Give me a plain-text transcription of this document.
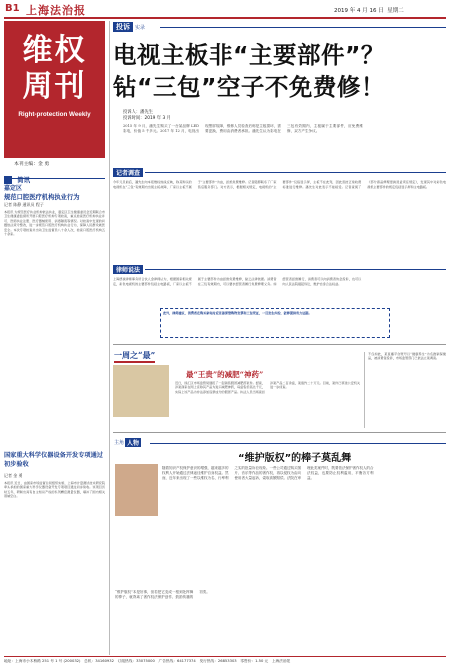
B1 上海法治报	2019 年 4 月 16 日 星期二
维权
周刊
Right-protection Weekly
本刊主编：金 勇
简讯
嘉定区
规范口腔医疗机构执业行为
记者 陈静 通讯员 程子
本报讯 为规范医疗执业机构依法执业，嘉定区卫生健康委员会近期联合市卫生健康委监督所开展口腔医疗机构专项检查，重点检查医疗机构执业许可、医师执业注册、医疗器械使用、消毒隔离等情况。对检查中发现的问题依法责令整改，进一步规范口腔医疗机构执业行为，保障人民群众就医安全。本次专项检查共出动卫生监督员八十余人次，检查口腔医疗机构五十余家。
国家重大科学仪器设备开发专项通过初步验收
记者 金 勇
本报讯 近日，由国家市场监督总局组织实施、上海市计量测试技术研究院牵头承担的国家重大科学仪器设备开发专项项目通过初步验收。该项目历时五年，研制出具有自主知识产权的系列精密测量仪器，填补了国内相关领域空白。
投诉	实录
电视主板非“主要部件”？
钻“三包”空子不免费修！
投诉人：潘先生
投诉时间：2019 年 3 月
2015 年 9 月，潘先生购买了一台某品牌 LED 彩电，价值 5 千多元。2017 年 12 月，电视出现黑屏故障，维修人员检查后称是主板损坏，需要更换，费用由消费者承担。潘先生认为彩电在三包有效期内，主板属于主要部件，应免费维修，双方产生争议。
记者调查
今年元旦前后，潘先生向本报维权热线反映，称其购买的电视机在“三包”有效期内出现主板故障，厂家以主板不属于“主要部件”为由，拒绝免费维修。记者随即联系了厂家售后服务部门。对方表示，根据相关规定，电视机的“主要部件”仅指显示屏，主板不在此列，因此需按正常收费标准进行维修。潘先生对此表示不能接受。记者查阅了《部分商品修理更换退货责任规定》，发现其中对彩色电视机主要部件的规定包括显示屏和主电路板。
律师说法
上海德禄律师事务所合伙人金律师认为，根据国家相关规定，彩色电视机的主要部件包括主电路板，厂家以主板不属于主要部件为由拒绝免费维修，缺乏法律依据。消费者在三包有效期内，可以要求经营者履行免费修理义务。如经营者拒绝履行，消费者可以向消费者协会投诉，也可以向人民法院提起诉讼，维护自身合法权益。
此外，律师建议，消费者在购买家电时应妥善保管购物发票和三包凭证，一旦发生纠纷，能够提供有力证据。
一周之“最”
最“王贵”的减肥“神药”
近日，徐汇区市场监管局通报了一起销售假冒减肥药案件。经查，涉案商家在网上宣称其产品为进口减肥神药，每盒售价高达千元，实际上该产品为非法添加违禁成分的假冒产品。执法人员当场查扣涉案产品二百余盒，案值约二十万元。目前，案件已移送公安机关进一步侦查。
不仅如此，某直播平台账号以“健康养生”为名推销保健品，被消费者投诉，市场监管部门已依法立案调查。
主角 人物
“维护版权”的棒子莫乱舞
随着知识产权保护意识的增强，越来越多的权利人开始通过法律途径维护自身权益。然而，近年来出现了一些以维权为名、行牟利之实的批量诉讼现象。一些公司通过购买图片、音乐等作品的著作权，再以侵权为由向使用者大量起诉，索取高额赔偿。法院在审理此类案件时，既要依法保护著作权人的合法权益，也要防止权利滥用，平衡各方利益。
“维护版权”本是好事，但若把它变成一根到处挥舞的棒子，就背离了著作权法保护创作、鼓励传播的初衷。
地址：上海市小木桥路 251 号 1 号 (200032)　总机：34160932　订阅热线：33075000　广告热线：64177374　发行热线：26853303　零售价：1.50 元　上海法治报
